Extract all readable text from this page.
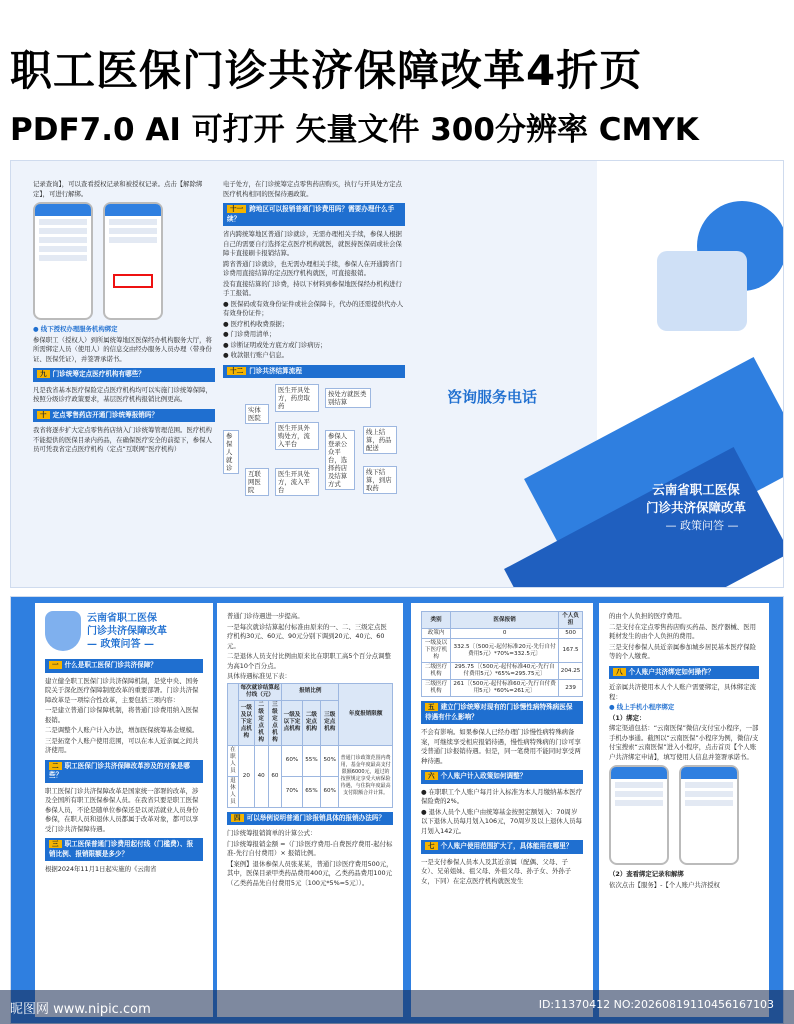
职工医保门诊共济保障改革4折页
PDF7.0 AI 可打开 矢量文件 300分辨率 CMYK

记录查询】，可以查看授权记录和被授权记录。点击【解除绑定】，可进行解绑。

● 线下授权办理服务机构绑定

参保职工（授权人）到所属统筹地区医保经办机构服务大厅，将所需绑定人员（使用人）的信息交由经办服务人员办理（带身份证、医保凭证），并签署承诺书。

九 门诊统筹定点医疗机构有哪些？

凡是我省基本医疗保险定点医疗机构均可以实施门诊统筹保障，按照分级诊疗政策要求，基层医疗机构报销比例更高。

十 定点零售药店开通门诊统筹报销吗？

我省将逐步扩大定点零售药店纳入门诊统筹管理范围。医疗机构不能提供的医保目录内药品，在确保医疗安全的前提下，参保人员可凭我省定点医疗机构（定点“互联网”医疗机构）

电子处方，在门诊统筹定点零售药店购买，执行与开具处方定点医疗机构相同的医保待遇政策。

十一 跨地区可以报销普通门诊费用吗？需要办理什么手续？

省内跨统筹地区普通门诊就诊，无需办理相关手续，参保人根据自己的需要自行选择定点医疗机构就医，就医持医保码或社会保障卡直接刷卡报销结算。

跨省普通门诊就诊，也无需办理相关手续，参保人在开通跨省门诊费用直接结算的定点医疗机构就医，可直接报销。

没有直接结算的门诊费，持以下材料到参保地医保经办机构进行手工报销。

● 医保码或有效身份证件或社会保障卡，代办的还需提供代办人有效身份证件；

● 医疗机构收费票据；

● 门诊费用清单；

● 诊断证明或处方底方或门诊病历；

● 收款银行账户信息。

十二 门诊共济结算流程
参保人就诊
实体医院
互联网医院
医生开具处方，药房取药
医生开具外购处方，流入平台
医生开具处方，流入平台
按处方就医类别结算
参保人登录公众平台，选择药店及结算方式
线上结算，药品配送
线下结算，到店取药
咨询服务电话
云南省职工医保
门诊共济保障改革
— 政策问答 —
云南省职工医保
门诊共济保障改革
— 政策问答 —
一 什么是职工医保门诊共济保障？

建立健全职工医保门诊共济保障机制，是党中央、国务院关于深化医疗保障制度改革的重要部署。门诊共济保障改革是一项综合性改革，主要包括三项内容：

一是建立普通门诊保障机制，将普通门诊费用纳入医保报销。

二是调整个人账户计入办法，增加医保统筹基金规模。

三是拓宽个人账户使用范围，可以在本人近亲属之间共济使用。

二 职工医保门诊共济保障改革涉及的对象是哪些？

职工医保门诊共济保障改革是国家统一部署的改革，涉及全国所有职工医保参保人员。在我省只要是职工医保参保人员，不论是随单位参保还是以灵活就业人员身份参保，在职人员和退休人员都属于改革对象，都可以享受门诊共济保障待遇。

三 职工医保普通门诊费用起付线（门槛费）、报销比例、报销限额是多少？

根据2024年11月1日起实施的《云南省

普通门诊待遇进一步提高。

一是每次就诊结算起付标准由原来的一、二、三级定点医疗机构30元、60元、90元分别下调到20元、40元、60元。

二是退休人员支付比例由原来比在职职工高5个百分点调整为高10个百分点。

具体待遇标准见下表：

	每次就诊结算起付线（元）			报销比例			年度报销限额
	一级及以下定点机构	二级定点机构	三级定点机构	一级及以下定点机构	二级定点机构	三级定点机构	
在职人员	20	40	60	60%	55%	50%	普通门诊政策范围内费用，基金年度最高支付限额6000元，超过的按照规定享受大病保险待遇，与住院年度最高支付限额合并计算。
退休人员				70%	65%	60%	
四 可以举例说明普通门诊报销具体的报销办法吗？

门诊统筹报销简单的计算公式：

门诊统筹报销金额 =（门诊医疗费用-自费医疗费用-起付标准-先行自付费用）× 报销比例。

【案例】退休参保人员张某某，普通门诊医疗费用500元，其中，医保目录甲类药品费用400元，乙类药品费用100元（乙类药品先自付费用5元〔100元*5%=5元〕）。

类别	医保报销	个人负担
政策内	0	500
一级及以下医疗机构	332.5〔（500元-起付标准20元-先行自付费用5元）*70%=332.5元〕	167.5
二级医疗机构	295.75〔（500元-起付标准40元-先行自付费用5元）*65%=295.75元〕	204.25
三级医疗机构	261〔（500元-起付标准60元-先行自付费用5元）*60%=261元〕	239
五 建立门诊统筹对现有的门诊慢性病特殊病医保待遇有什么影响？

不会有影响。如果参保人已经办理门诊慢性病特殊病备案，可继续享受相应报销待遇，慢性病特殊病的门诊可享受普通门诊报销待遇。但是，同一笔费用不能同时享受两种待遇。

六 个人账户计入政策如何调整？

● 在职职工个人账户每月计入标准为本人月缴纳基本医疗保险费的2%。

● 退休人员个人账户由统筹基金按照定额划入：70周岁以下退休人员每月划入106元，70周岁及以上退休人员每月划入142元。

七 个人账户使用范围扩大了，具体能用在哪里？

一是支付参保人员本人及其近亲属（配偶、父母、子女）、兄弟姐妹、祖父母、外祖父母、孙子女、外孙子女，下同）在定点医疗机构就医发生

的由个人负担的医疗费用。

二是支付在定点零售药店购买药品、医疗器械、医用耗材发生的由个人负担的费用。

三是支付参保人员近亲属参加城乡居民基本医疗保险等的个人缴费。

八 个人账户共济绑定如何操作？

近亲属共济使用本人个人账户需要绑定，具体绑定流程：

● 线上手机小程序绑定

（1）绑定：

绑定渠道包括：“云南医保”微信/支付宝小程序，一部手机办事通。截图以“云南医保”小程序为例，微信/支付宝搜索“云南医保”进入小程序，点击首页【个人账户共济绑定申请】，填写使用人信息并签署承诺书。

（2）查看绑定记录和解绑

依次点击【服务】-【个人账户共济授权

昵图网 www.nipic.com	ID:11370412 NO:20260819110456167103
